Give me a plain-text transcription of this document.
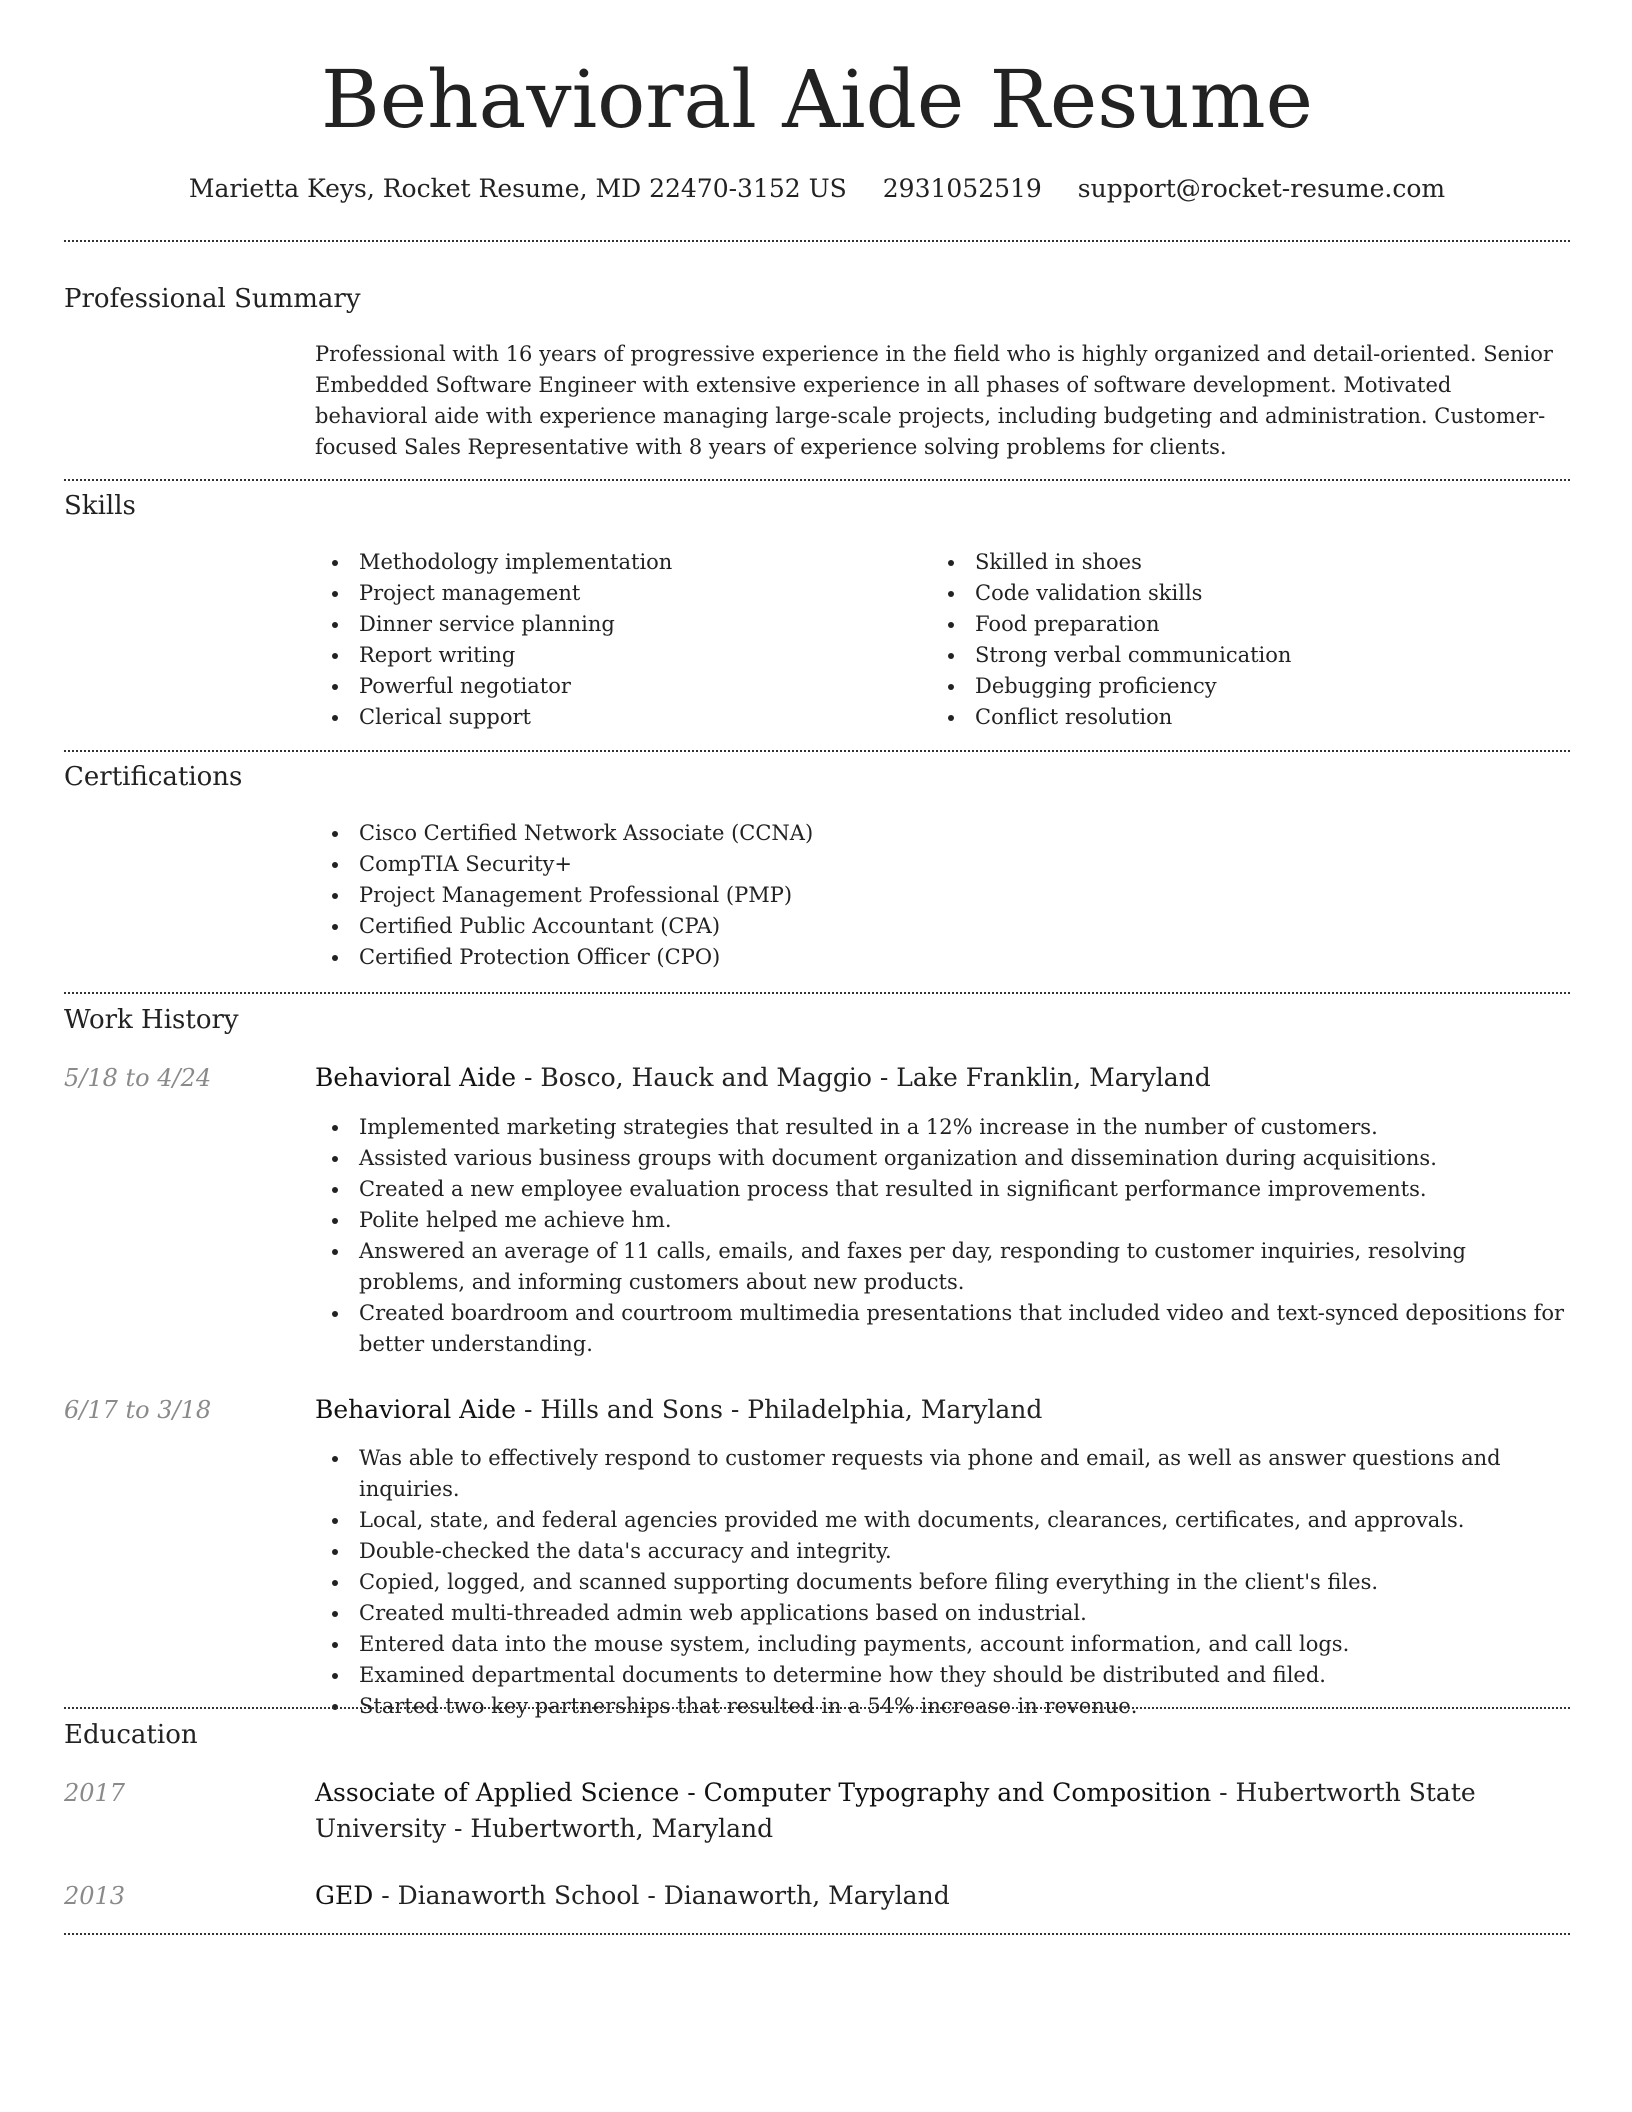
Behavioral Aide Resume
Marietta Keys, Rocket Resume, MD 22470-3152 US 2931052519 support@rocket-resume.com
Professional Summary
Professional with 16 years of progressive experience in the field who is highly organized and detail-oriented. Senior Embedded Software Engineer with extensive experience in all phases of software development. Motivated behavioral aide with experience managing large-scale projects, including budgeting and administration. Customer-focused Sales Representative with 8 years of experience solving problems for clients.
Skills
Methodology implementation
Project management
Dinner service planning
Report writing
Powerful negotiator
Clerical support
Skilled in shoes
Code validation skills
Food preparation
Strong verbal communication
Debugging proficiency
Conflict resolution
Certifications
Cisco Certified Network Associate (CCNA)
CompTIA Security+
Project Management Professional (PMP)
Certified Public Accountant (CPA)
Certified Protection Officer (CPO)
Work History
5/18 to 4/24	Behavioral Aide - Bosco, Hauck and Maggio - Lake Franklin, Maryland
Implemented marketing strategies that resulted in a 12% increase in the number of customers.
Assisted various business groups with document organization and dissemination during acquisitions.
Created a new employee evaluation process that resulted in significant performance improvements.
Polite helped me achieve hm.
Answered an average of 11 calls, emails, and faxes per day, responding to customer inquiries, resolving problems, and informing customers about new products.
Created boardroom and courtroom multimedia presentations that included video and text-synced depositions for better understanding.
6/17 to 3/18	Behavioral Aide - Hills and Sons - Philadelphia, Maryland
Was able to effectively respond to customer requests via phone and email, as well as answer questions and inquiries.
Local, state, and federal agencies provided me with documents, clearances, certificates, and approvals.
Double-checked the data's accuracy and integrity.
Copied, logged, and scanned supporting documents before filing everything in the client's files.
Created multi-threaded admin web applications based on industrial.
Entered data into the mouse system, including payments, account information, and call logs.
Examined departmental documents to determine how they should be distributed and filed.
Started two key partnerships that resulted in a 54% increase in revenue.
Education
2017	Associate of Applied Science - Computer Typography and Composition - Hubertworth State University - Hubertworth, Maryland
2013	GED - Dianaworth School - Dianaworth, Maryland
